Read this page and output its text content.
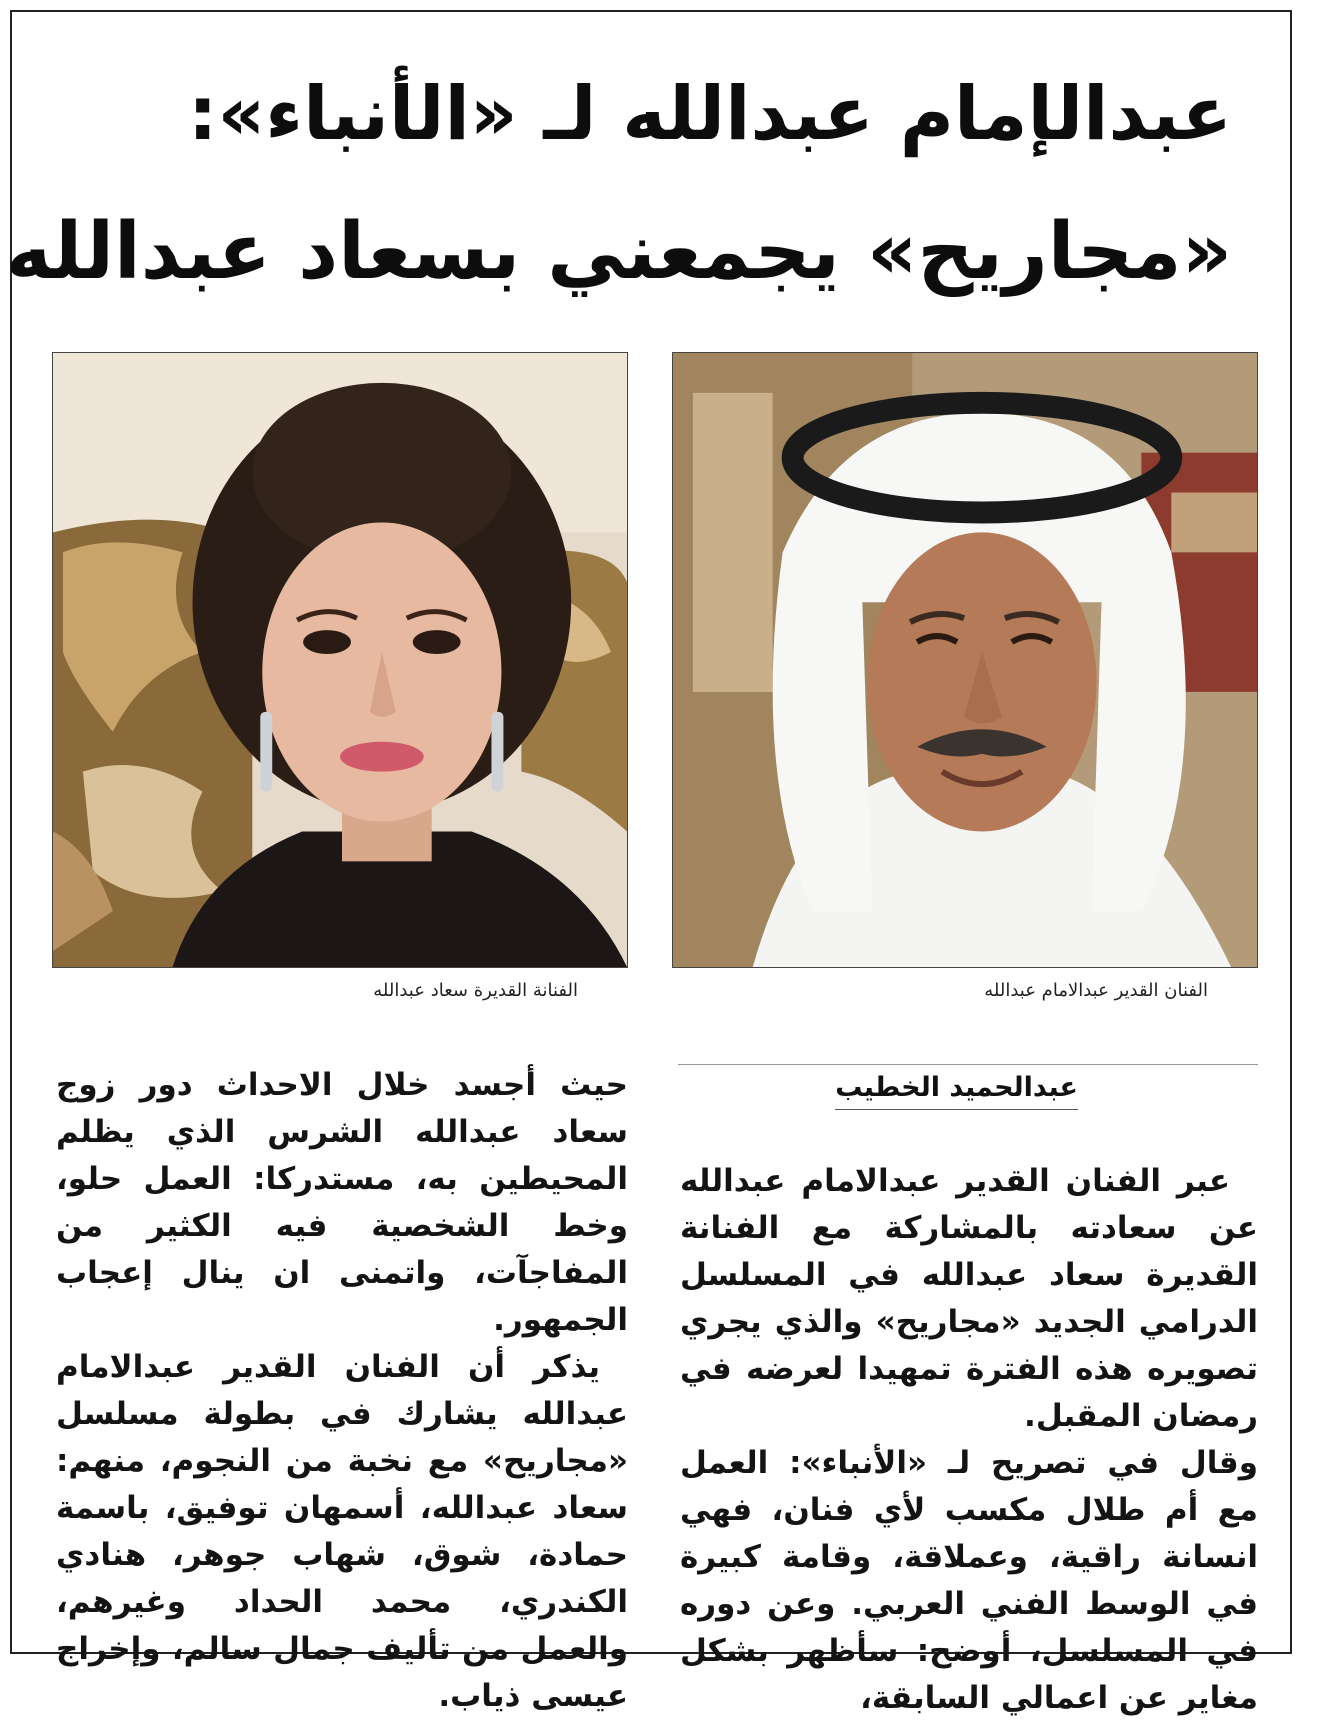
عبدالإمام عبدالله لـ «الأنباء»:
«مجاريح» يجمعني بسعاد عبدالله
الفنانة القديرة سعاد عبدالله	الفنان القدير عبدالامام عبدالله
عبدالحميد الخطيب

عبر الفنان القدير عبدالامام عبدالله عن سعادته بالمشاركة مع الفنانة القديرة سعاد عبدالله في المسلسل الدرامي الجديد «مجاريح» والذي يجري تصويره هذه الفترة تمهيدا لعرضه في رمضان المقبل.

وقال في تصريح لـ «الأنباء»: العمل مع أم طلال مكسب لأي فنان، فهي انسانة راقية، وعملاقة، وقامة كبيرة في الوسط الفني العربي. وعن دوره في المسلسل، أوضح: سأظهر بشكل مغاير عن اعمالي السابقة،

حيث أجسد خلال الاحداث دور زوج سعاد عبدالله الشرس الذي يظلم المحيطين به، مستدركا: العمل حلو، وخط الشخصية فيه الكثير من المفاجآت، واتمنى ان ينال إعجاب الجمهور.

يذكر أن الفنان القدير عبدالامام عبدالله يشارك في بطولة مسلسل «مجاريح» مع نخبة من النجوم، منهم: سعاد عبدالله، أسمهان توفيق، باسمة حمادة، شوق، شهاب جوهر، هنادي الكندري، محمد الحداد وغيرهم، والعمل من تأليف جمال سالم، وإخراج عيسى ذياب.
